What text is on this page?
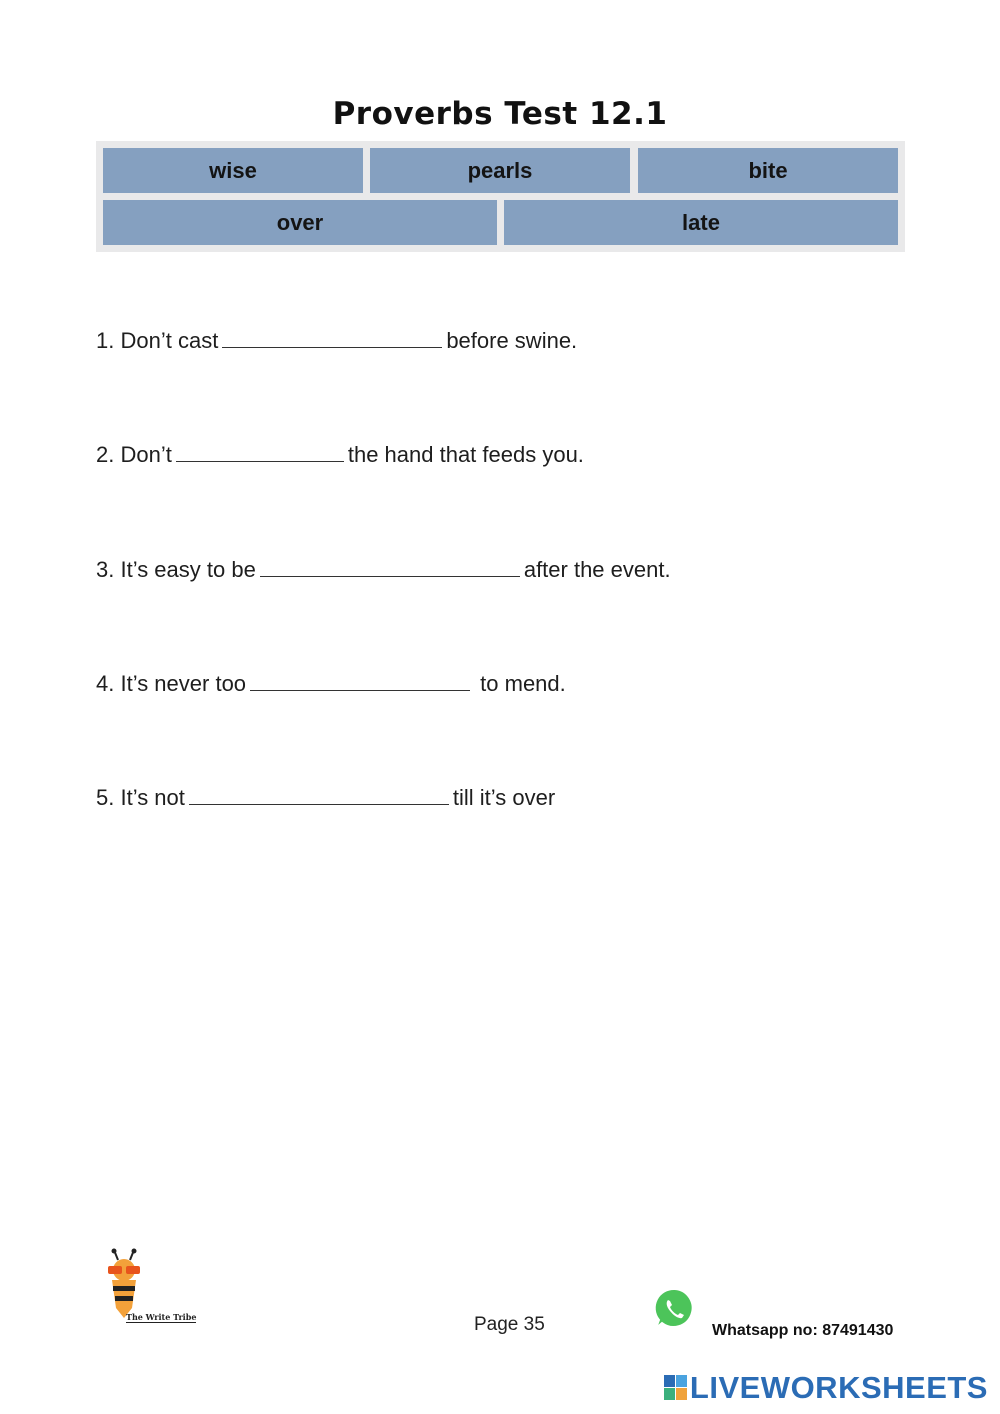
Proverbs Test 12.1
wise	pearls	bite
over	late
1. Don’t cast	before swine.
2. Don’t	the hand that feeds you.
3. It’s easy to be	after the event.
4. It’s never too	to mend.
5. It’s not	till it’s over
The Write Tribe	Page 35	Whatsapp no: 87491430
LIVEWORKSHEETS
